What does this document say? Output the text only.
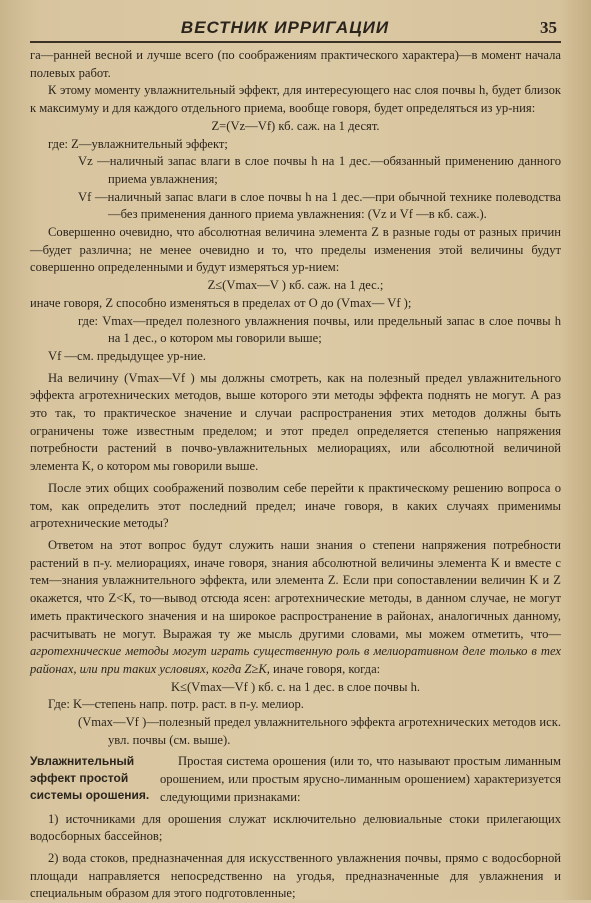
ВЕСТНИК ИРРИГАЦИИ	35

га—ранней весной и лучше всего (по соображениям практического характера)—в момент начала полевых работ.

К этому моменту увлажнительный эффект, для интересующего нас слоя почвы h, будет близок к максимуму и для каждого отдельного приема, вообще говоря, будет определяться из ур-ния:

Z=(Vz—Vf) кб. саж. на 1 десят.

где: Z—увлажнительный эффект;

Vz —наличный запас влаги в слое почвы h на 1 дес.—обязанный применению данного приема увлажнения;

Vf —наличный запас влаги в слое почвы h на 1 дес.—при обычной технике полеводства—без применения данного приема увлажнения: (Vz и Vf —в кб. саж.).

Совершенно очевидно, что абсолютная величина элемента Z в разные годы от разных причин—будет различна; не менее очевидно и то, что пределы изменения этой величины будут совершенно определенными и будут измеряться ур-нием:

Z≤(Vmax—V ) кб. саж. на 1 дес.;

иначе говоря, Z способно изменяться в пределах от O до (Vmax— Vf );

где: Vmax—предел полезного увлажнения почвы, или предельный запас в слое почвы h на 1 дес., о котором мы говорили выше;

Vf —см. предыдущее ур-ние.

На величину (Vmax—Vf ) мы должны смотреть, как на полезный предел увлажнительного эффекта агротехнических методов, выше которого эти методы эффекта поднять не могут. А раз это так, то практическое значение и случаи распространения этих методов должны быть ограничены тоже известным пределом; и этот предел определяется степенью напряжения потребности растений в почво-увлажнительных мелиорациях, или абсолютной величиной элемента K, о котором мы говорили выше.

После этих общих соображений позволим себе перейти к практическому решению вопроса о том, как определить этот последний предел; иначе говоря, в каких случаях применимы агротехнические методы?

Ответом на этот вопрос будут служить наши знания о степени напряжения потребности растений в п-у. мелиорациях, иначе говоря, знания абсолютной величины элемента K и вместе с тем—знания увлажнительного эффекта, или элемента Z. Если при сопоставлении величин K и Z окажется, что Z<K, то—вывод отсюда ясен: агротехнические методы, в данном случае, не могут иметь практического значения и на широкое распространение в районах, аналогичных данному, расчитывать не могут. Выражая ту же мысль другими словами, мы можем отметить, что—агротехнические методы могут играть существенную роль в мелиоративном деле только в тех районах, или при таких условиях, когда Z≥K, иначе говоря, когда:

K≤(Vmax—Vf ) кб. с. на 1 дес. в слое почвы h.

Где: K—степень напр. потр. раст. в п-у. мелиор.

(Vmax—Vf )—полезный предел увлажнительного эффекта агротехнических методов иск. увл. почвы (см. выше).

Увлажнительный эффект простой системы орошения.

Простая система орошения (или то, что называют простым лиманным орошением, или простым ярусно-лиманным орошением) характеризуется следующими признаками:

1) источниками для орошения служат исключительно делювиальные стоки прилегающих водосборных бассейнов;

2) вода стоков, предназначенная для искусственного увлажнения почвы, прямо с водосборной площади направляется непосредственно на угодья, предназначенные для увлажнения и специальным образом для этого подготовленные;
